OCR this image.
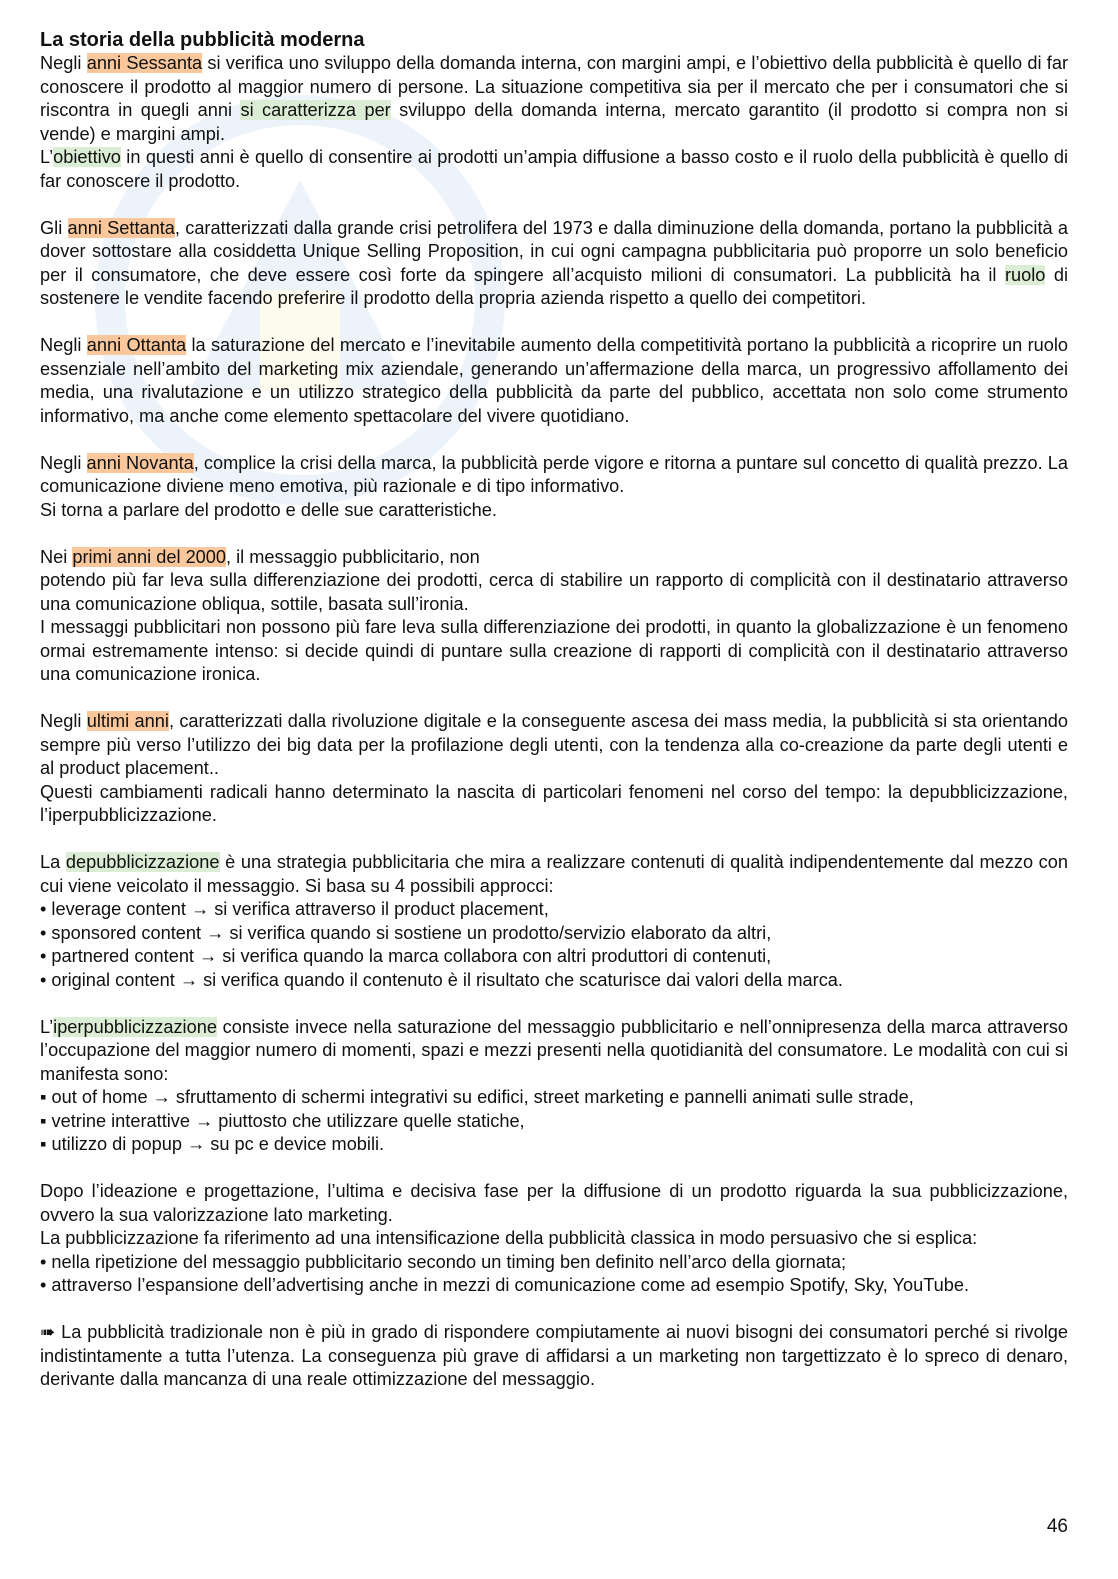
La storia della pubblicità moderna

Negli anni Sessanta si verifica uno sviluppo della domanda interna, con margini ampi, e l’obiettivo della pubblicità è quello di far conoscere il prodotto al maggior numero di persone. La situazione competitiva sia per il mercato che per i consumatori che si riscontra in quegli anni si caratterizza per sviluppo della domanda interna, mercato garantito (il prodotto si compra non si vende) e margini ampi.

L’obiettivo in questi anni è quello di consentire ai prodotti un’ampia diffusione a basso costo e il ruolo della pubblicità è quello di far conoscere il prodotto.

Gli anni Settanta, caratterizzati dalla grande crisi petrolifera del 1973 e dalla diminuzione della domanda, portano la pubblicità a dover sottostare alla cosiddetta Unique Selling Proposition, in cui ogni campagna pubblicitaria può proporre un solo beneficio per il consumatore, che deve essere così forte da spingere all’acquisto milioni di consumatori. La pubblicità ha il ruolo di sostenere le vendite facendo preferire il prodotto della propria azienda rispetto a quello dei competitori.

Negli anni Ottanta la saturazione del mercato e l’inevitabile aumento della competitività portano la pubblicità a ricoprire un ruolo essenziale nell’ambito del marketing mix aziendale, generando un’affermazione della marca, un progressivo affollamento dei media, una rivalutazione e un utilizzo strategico della pubblicità da parte del pubblico, accettata non solo come strumento informativo, ma anche come elemento spettacolare del vivere quotidiano.

Negli anni Novanta, complice la crisi della marca, la pubblicità perde vigore e ritorna a puntare sul concetto di qualità prezzo. La comunicazione diviene meno emotiva, più razionale e di tipo informativo.

Si torna a parlare del prodotto e delle sue caratteristiche.

Nei primi anni del 2000, il messaggio pubblicitario, non

potendo più far leva sulla differenziazione dei prodotti, cerca di stabilire un rapporto di complicità con il destinatario attraverso una comunicazione obliqua, sottile, basata sull’ironia.

I messaggi pubblicitari non possono più fare leva sulla differenziazione dei prodotti, in quanto la globalizzazione è un fenomeno ormai estremamente intenso: si decide quindi di puntare sulla creazione di rapporti di complicità con il destinatario attraverso una comunicazione ironica.

Negli ultimi anni, caratterizzati dalla rivoluzione digitale e la conseguente ascesa dei mass media, la pubblicità si sta orientando sempre più verso l’utilizzo dei big data per la profilazione degli utenti, con la tendenza alla co-creazione da parte degli utenti e al product placement..

Questi cambiamenti radicali hanno determinato la nascita di particolari fenomeni nel corso del tempo: la depubblicizzazione, l’iperpubblicizzazione.

La depubblicizzazione è una strategia pubblicitaria che mira a realizzare contenuti di qualità indipendentemente dal mezzo con cui viene veicolato il messaggio. Si basa su 4 possibili approcci:

• leverage content → si verifica attraverso il product placement,

• sponsored content → si verifica quando si sostiene un prodotto/servizio elaborato da altri,

• partnered content → si verifica quando la marca collabora con altri produttori di contenuti,

• original content → si verifica quando il contenuto è il risultato che scaturisce dai valori della marca.

L’iperpubblicizzazione consiste invece nella saturazione del messaggio pubblicitario e nell’onnipresenza della marca attraverso l’occupazione del maggior numero di momenti, spazi e mezzi presenti nella quotidianità del consumatore. Le modalità con cui si manifesta sono:

▪ out of home → sfruttamento di schermi integrativi su edifici, street marketing e pannelli animati sulle strade,

▪ vetrine interattive → piuttosto che utilizzare quelle statiche,

▪ utilizzo di popup → su pc e device mobili.

Dopo l’ideazione e progettazione, l’ultima e decisiva fase per la diffusione di un prodotto riguarda la sua pubblicizzazione, ovvero la sua valorizzazione lato marketing.

La pubblicizzazione fa riferimento ad una intensificazione della pubblicità classica in modo persuasivo che si esplica:

• nella ripetizione del messaggio pubblicitario secondo un timing ben definito nell’arco della giornata;

• attraverso l’espansione dell’advertising anche in mezzi di comunicazione come ad esempio Spotify, Sky, YouTube.

➠ La pubblicità tradizionale non è più in grado di rispondere compiutamente ai nuovi bisogni dei consumatori perché si rivolge indistintamente a tutta l’utenza. La conseguenza più grave di affidarsi a un marketing non targettizzato è lo spreco di denaro, derivante dalla mancanza di una reale ottimizzazione del messaggio.

46
